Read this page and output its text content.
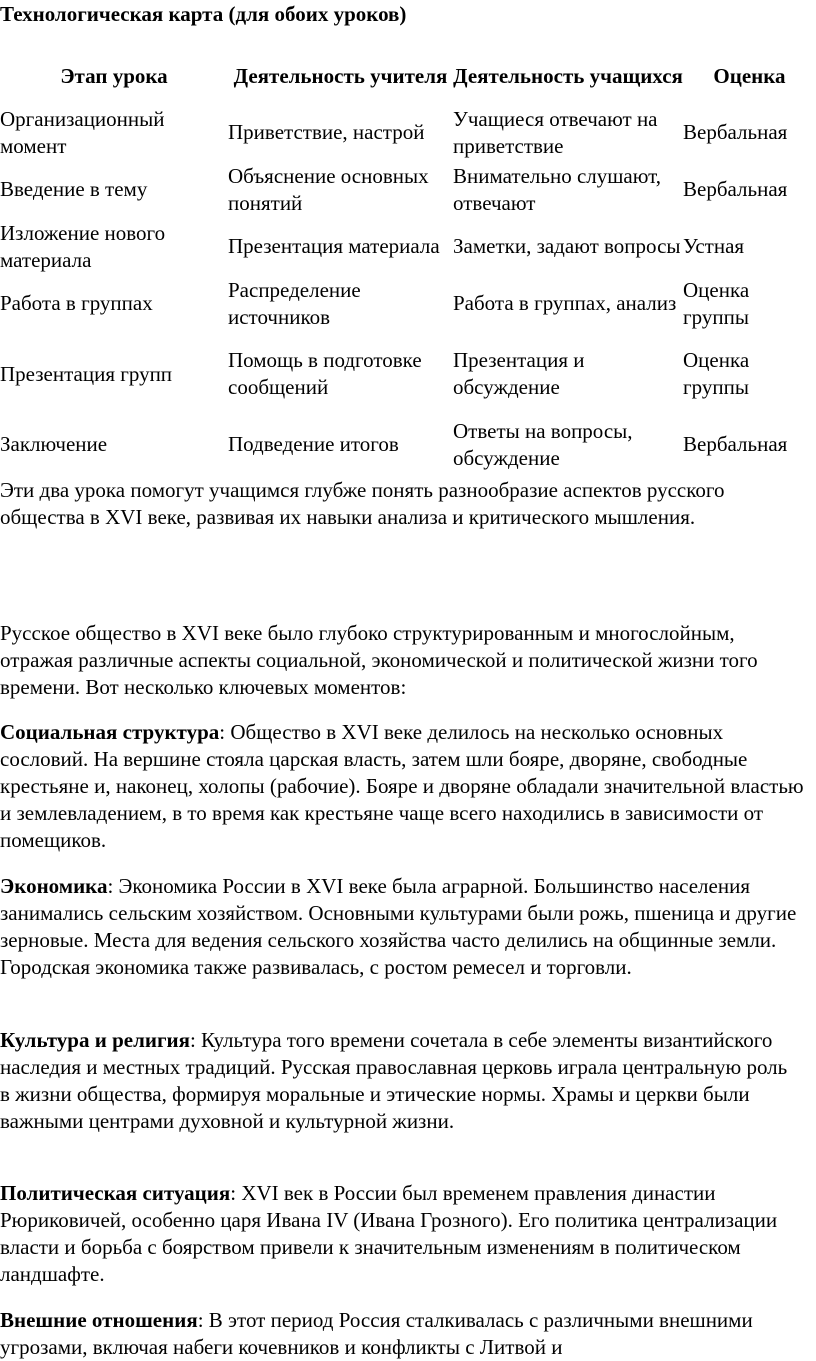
Технологическая карта (для обоих уроков)
Этап урока	Деятельность учителя	Деятельность учащихся	Оценка
Организационный момент	Приветствие, настрой	Учащиеся отвечают на приветствие	Вербальная
Введение в тему	Объяснение основных понятий	Внимательно слушают, отвечают	Вербальная
Изложение нового материала	Презентация материала	Заметки, задают вопросы	Устная
Работа в группах	Распределение источников	Работа в группах, анализ	Оценка группы
Презентация групп	Помощь в подготовке сообщений	Презентация и обсуждение	Оценка группы
Заключение	Подведение итогов	Ответы на вопросы, обсуждение	Вербальная

Эти два урока помогут учащимся глубже понять разнообразие аспектов русского общества в XVI веке, развивая их навыки анализа и критического мышления.

Русское общество в XVI веке было глубоко структурированным и многослойным, отражая различные аспекты социальной, экономической и политической жизни того времени. Вот несколько ключевых моментов:

Социальная структура: Общество в XVI веке делилось на несколько основных сословий. На вершине стояла царская власть, затем шли бояре, дворяне, свободные крестьяне и, наконец, холопы (рабочие). Бояре и дворяне обладали значительной властью и землевладением, в то время как крестьяне чаще всего находились в зависимости от помещиков.

Экономика: Экономика России в XVI веке была аграрной. Большинство населения занимались сельским хозяйством. Основными культурами были рожь, пшеница и другие зерновые. Места для ведения сельского хозяйства часто делились на общинные земли. Городская экономика также развивалась, с ростом ремесел и торговли.

Культура и религия: Культура того времени сочетала в себе элементы византийского наследия и местных традиций. Русская православная церковь играла центральную роль в жизни общества, формируя моральные и этические нормы. Храмы и церкви были важными центрами духовной и культурной жизни.

Политическая ситуация: XVI век в России был временем правления династии Рюриковичей, особенно царя Ивана IV (Ивана Грозного). Его политика централизации власти и борьба с боярством привели к значительным изменениям в политическом ландшафте.

Внешние отношения: В этот период Россия сталкивалась с различными внешними угрозами, включая набеги кочевников и конфликты с Литвой и
